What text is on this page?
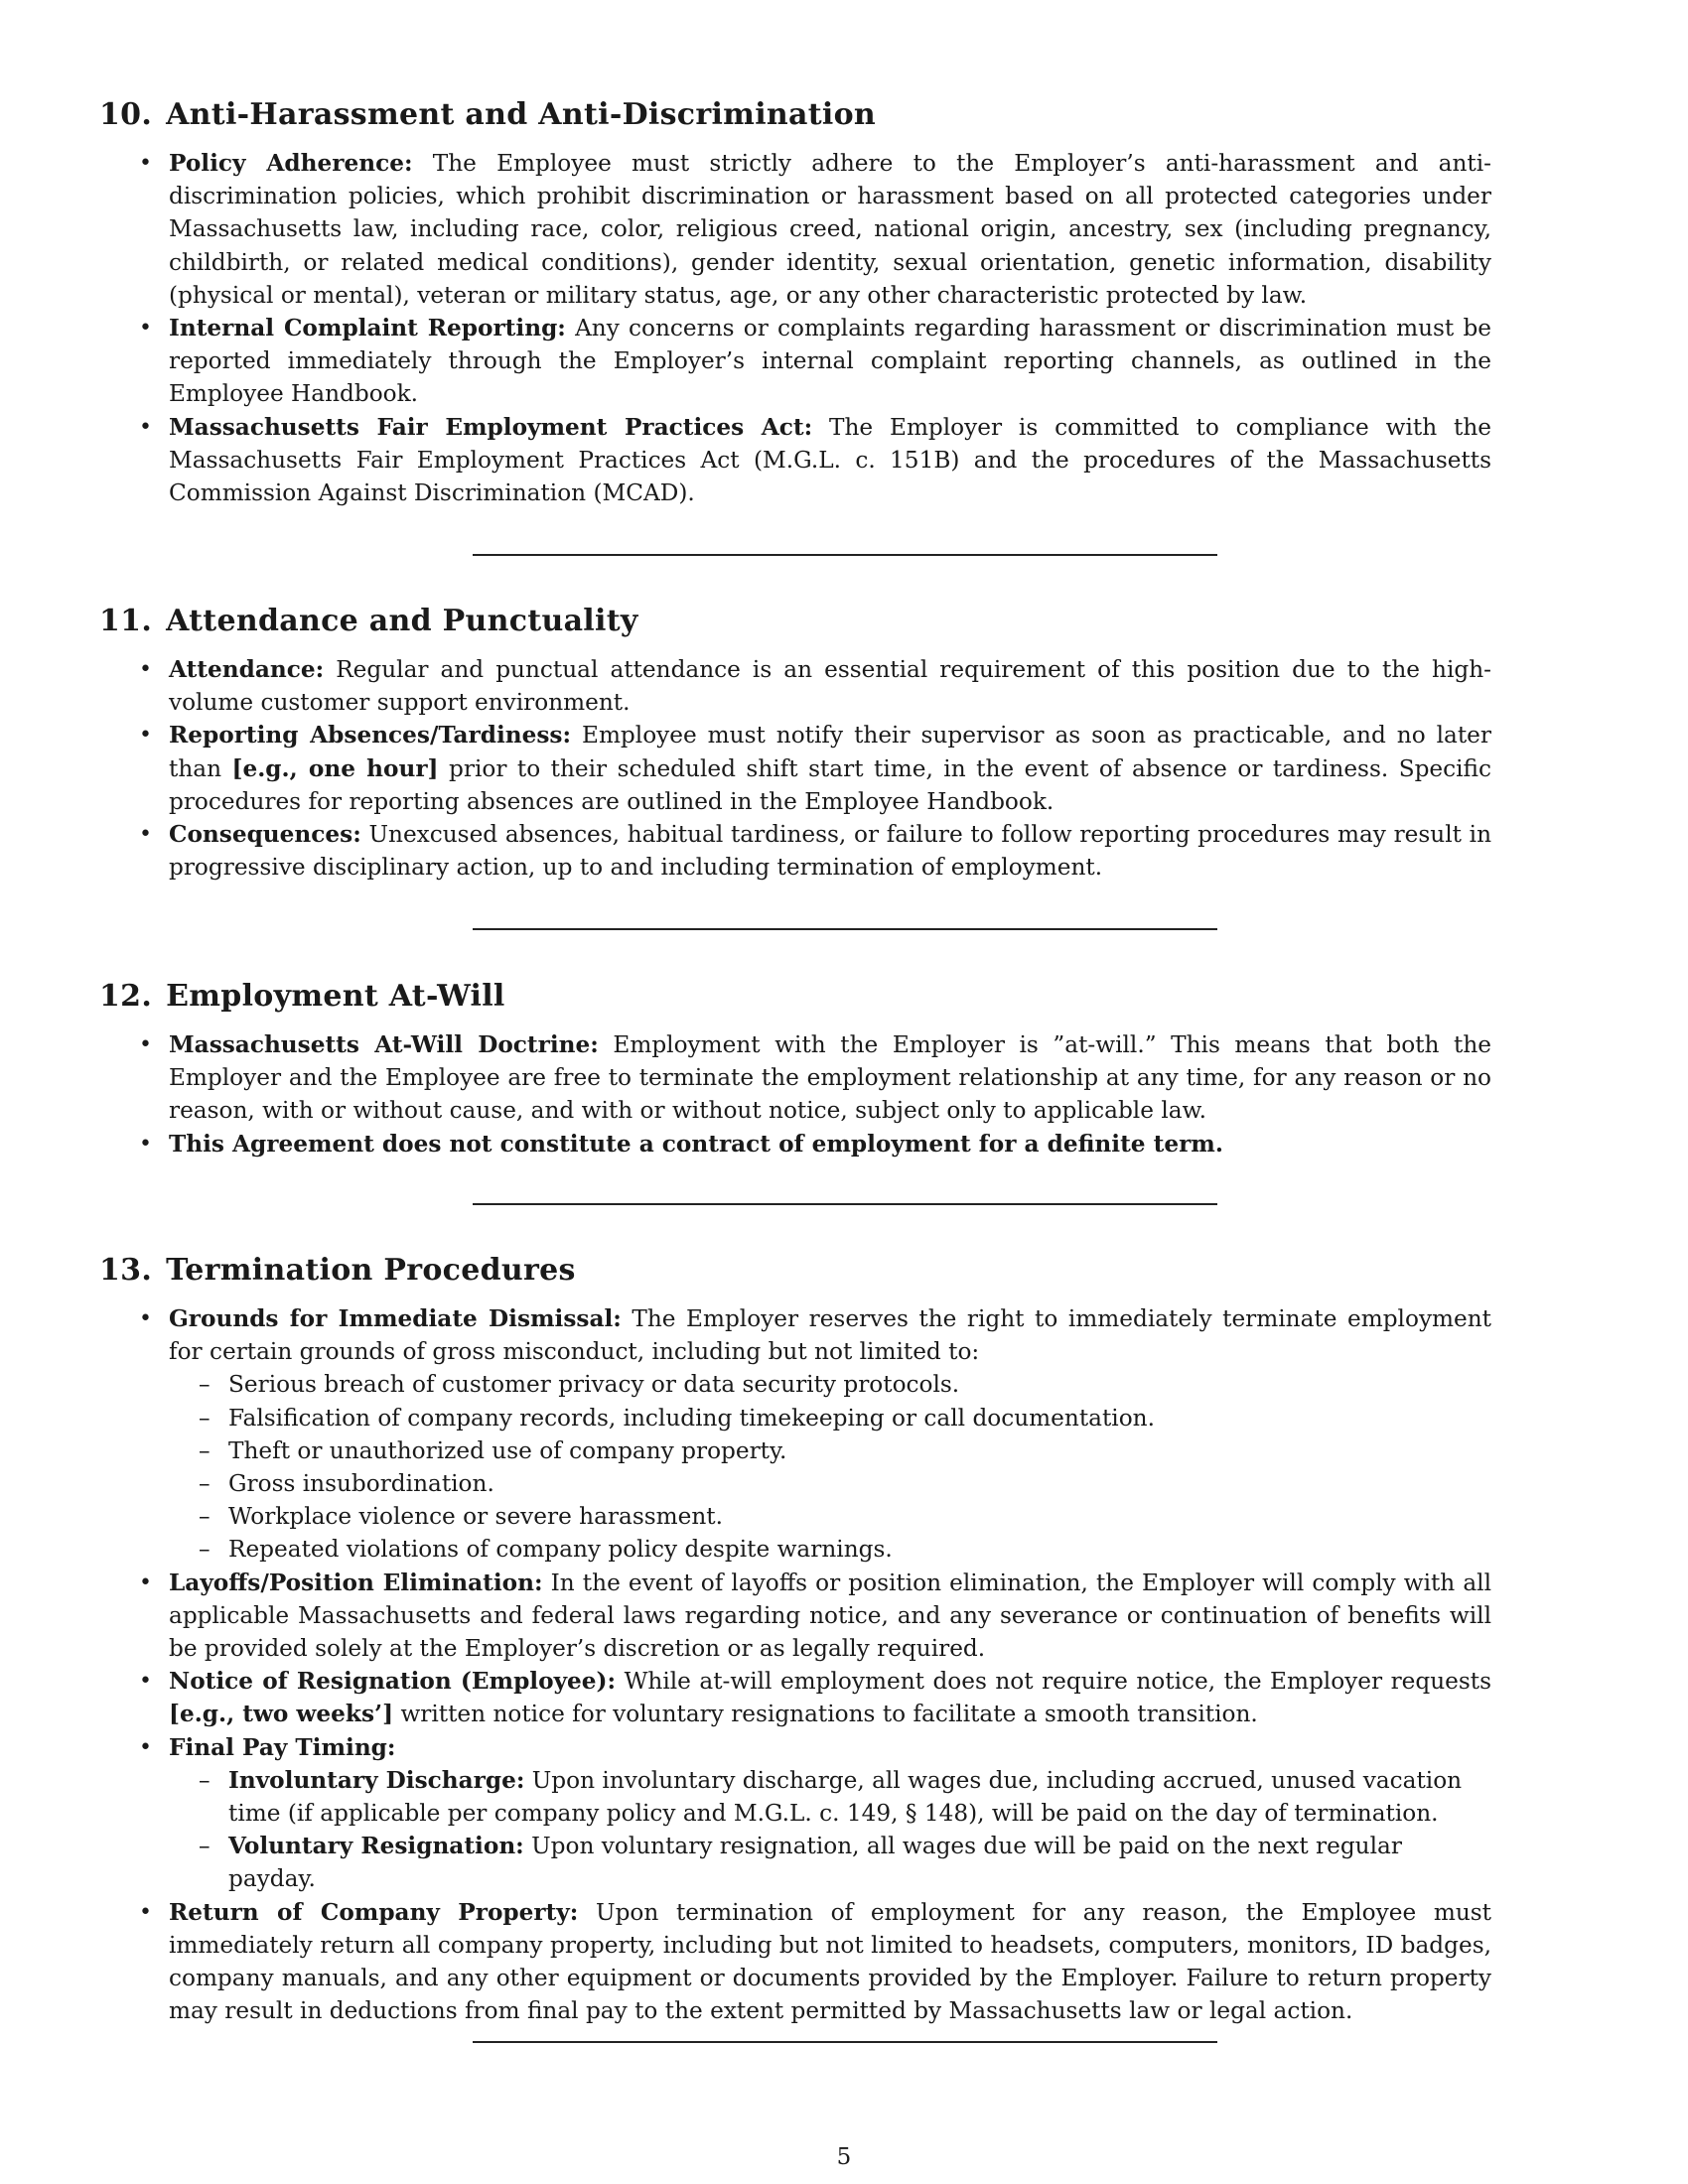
10. Anti-Harassment and Anti-Discrimination
• Policy Adherence: The Employee must strictly adhere to the Employer’s anti-harassment and anti-discrimination policies, which prohibit discrimination or harassment based on all protected categories under Massachusetts law, including race, color, religious creed, national origin, ancestry, sex (including pregnancy, childbirth, or related medical conditions), gender identity, sexual orientation, genetic information, disability (physical or mental), veteran or military status, age, or any other characteristic protected by law.
• Internal Complaint Reporting: Any concerns or complaints regarding harassment or discrimination must be reported immediately through the Employer’s internal complaint reporting channels, as outlined in the Employee Handbook.
• Massachusetts Fair Employment Practices Act: The Employer is committed to compliance with the Massachusetts Fair Employment Practices Act (M.G.L. c. 151B) and the procedures of the Massachusetts Commission Against Discrimination (MCAD).
11. Attendance and Punctuality
• Attendance: Regular and punctual attendance is an essential requirement of this position due to the high-volume customer support environment.
• Reporting Absences/Tardiness: Employee must notify their supervisor as soon as practicable, and no later than [e.g., one hour] prior to their scheduled shift start time, in the event of absence or tardiness. Specific procedures for reporting absences are outlined in the Employee Handbook.
• Consequences: Unexcused absences, habitual tardiness, or failure to follow reporting procedures may result in progressive disciplinary action, up to and including termination of employment.
12. Employment At-Will
• Massachusetts At-Will Doctrine: Employment with the Employer is ”at-will.” This means that both the Employer and the Employee are free to terminate the employment relationship at any time, for any reason or no reason, with or without cause, and with or without notice, subject only to applicable law.
• This Agreement does not constitute a contract of employment for a definite term.
13. Termination Procedures
• Grounds for Immediate Dismissal: The Employer reserves the right to immediately terminate employment for certain grounds of gross misconduct, including but not limited to:
– Serious breach of customer privacy or data security protocols.
– Falsification of company records, including timekeeping or call documentation.
– Theft or unauthorized use of company property.
– Gross insubordination.
– Workplace violence or severe harassment.
– Repeated violations of company policy despite warnings.
• Layoffs/Position Elimination: In the event of layoffs or position elimination, the Employer will comply with all applicable Massachusetts and federal laws regarding notice, and any severance or continuation of benefits will be provided solely at the Employer’s discretion or as legally required.
• Notice of Resignation (Employee): While at-will employment does not require notice, the Employer requests [e.g., two weeks’] written notice for voluntary resignations to facilitate a smooth transition.
• Final Pay Timing:
– Involuntary Discharge: Upon involuntary discharge, all wages due, including accrued, unused vacation time (if applicable per company policy and M.G.L. c. 149, § 148), will be paid on the day of termination.
– Voluntary Resignation: Upon voluntary resignation, all wages due will be paid on the next regular payday.
• Return of Company Property: Upon termination of employment for any reason, the Employee must immediately return all company property, including but not limited to headsets, computers, monitors, ID badges, company manuals, and any other equipment or documents provided by the Employer. Failure to return property may result in deductions from final pay to the extent permitted by Massachusetts law or legal action.
5
